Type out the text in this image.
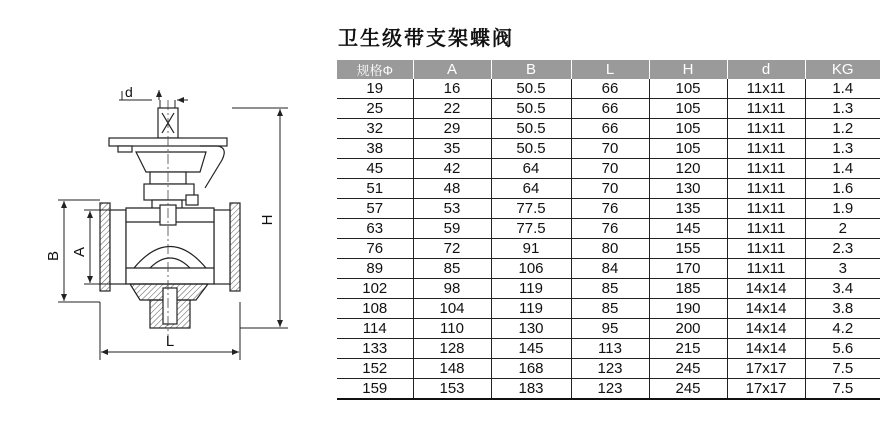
d
B A
H
L
卫生级带支架蝶阀
规格Φ	A	B	L	H	d	KG
19	16	50.5	66	105	11x11	1.4
25	22	50.5	66	105	11x11	1.3
32	29	50.5	66	105	11x11	1.2
38	35	50.5	70	105	11x11	1.3
45	42	64	70	120	11x11	1.4
51	48	64	70	130	11x11	1.6
57	53	77.5	76	135	11x11	1.9
63	59	77.5	76	145	11x11	2
76	72	91	80	155	11x11	2.3
89	85	106	84	170	11x11	3
102	98	119	85	185	14x14	3.4
108	104	119	85	190	14x14	3.8
114	110	130	95	200	14x14	4.2
133	128	145	113	215	14x14	5.6
152	148	168	123	245	17x17	7.5
159	153	183	123	245	17x17	7.5
